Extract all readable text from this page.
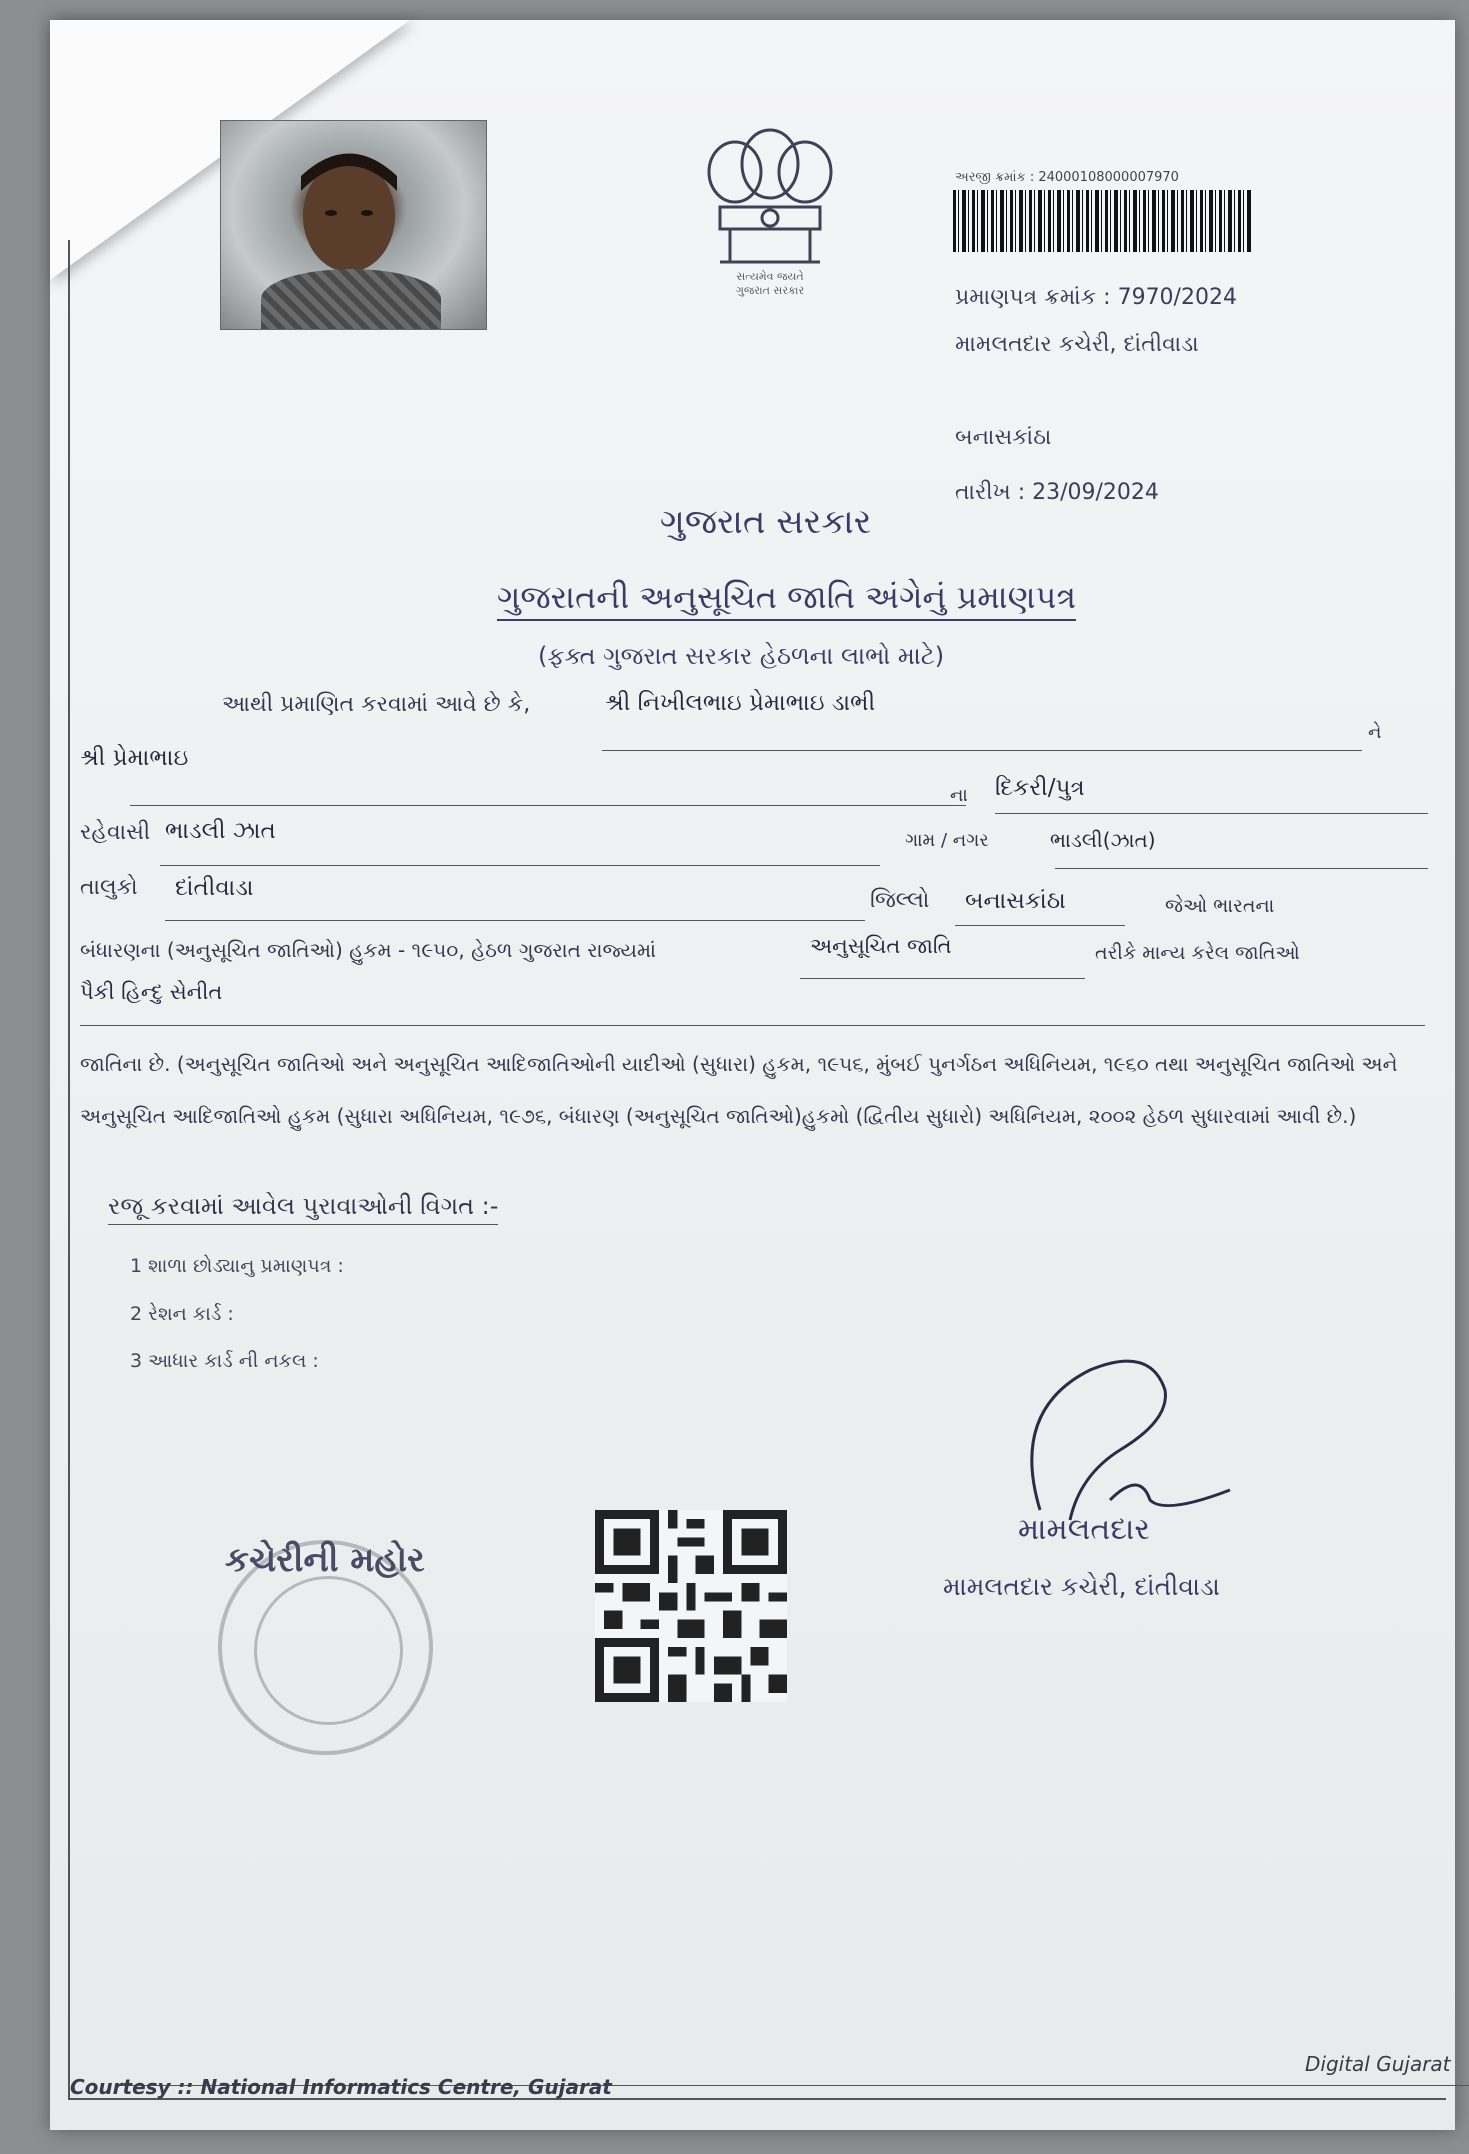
સત્યમેવ જયતે
ગુજરાત સરકાર
અરજી ક્રમાંક : 24000108000007970
પ્રમાણપત્ર ક્રમાંક : 7970/2024
મામલતદાર કચેરી, દાંતીવાડા
બનાસકાંઠા
તારીખ : 23/09/2024
ગુજરાત સરકાર
ગુજરાતની અનુસૂચિત જાતિ અંગેનું પ્રમાણપત્ર
(ફક્ત ગુજરાત સરકાર હેઠળના લાભો માટે)
આથી પ્રમાણિત કરવામાં આવે છે કે,	શ્રી નિખીલભાઇ પ્રેમાભાઇ ડાભી
ને
શ્રી પ્રેમાભાઇ
ના દિકરી/પુત્ર
રહેવાસી ભાડલી ઝાત	ગામ / નગર	ભાડલી(ઝાત)
તાલુકો દાંતીવાડા	જિલ્લો બનાસકાંઠા	જેઓ ભારતના
બંધારણના (અનુસૂચિત જાતિઓ) હુકમ - ૧૯૫૦, હેઠળ ગુજરાત રાજ્યમાં	અનુસૂચિત જાતિ	તરીકે માન્ય કરેલ જાતિઓ
પૈકી હિન્દુ સેનીત
જાતિના છે. (અનુસૂચિત જાતિઓ અને અનુસૂચિત આદિજાતિઓની યાદીઓ (સુધારા) હુકમ, ૧૯૫૬, મુંબઈ પુનર્ગઠન અધિનિયમ, ૧૯૬૦ તથા અનુસૂચિત જાતિઓ અને અનુસૂચિત આદિજાતિઓ હુકમ (સુધારા અધિનિયમ, ૧૯૭૬, બંધારણ (અનુસૂચિત જાતિઓ)હુકમો (દ્વિતીય સુધારો) અધિનિયમ, ૨૦૦૨ હેઠળ સુધારવામાં આવી છે.)
રજૂ કરવામાં આવેલ પુરાવાઓની વિગત :-
1 શાળા છોડ્યાનુ પ્રમાણપત્ર :
2 રેશન કાર્ડ :
3 આધાર કાર્ડ ની નકલ :
કચેરીની મહોર
મામલતદાર
મામલતદાર કચેરી, દાંતીવાડા
Courtesy :: National Informatics Centre, Gujarat
Digital Gujarat
